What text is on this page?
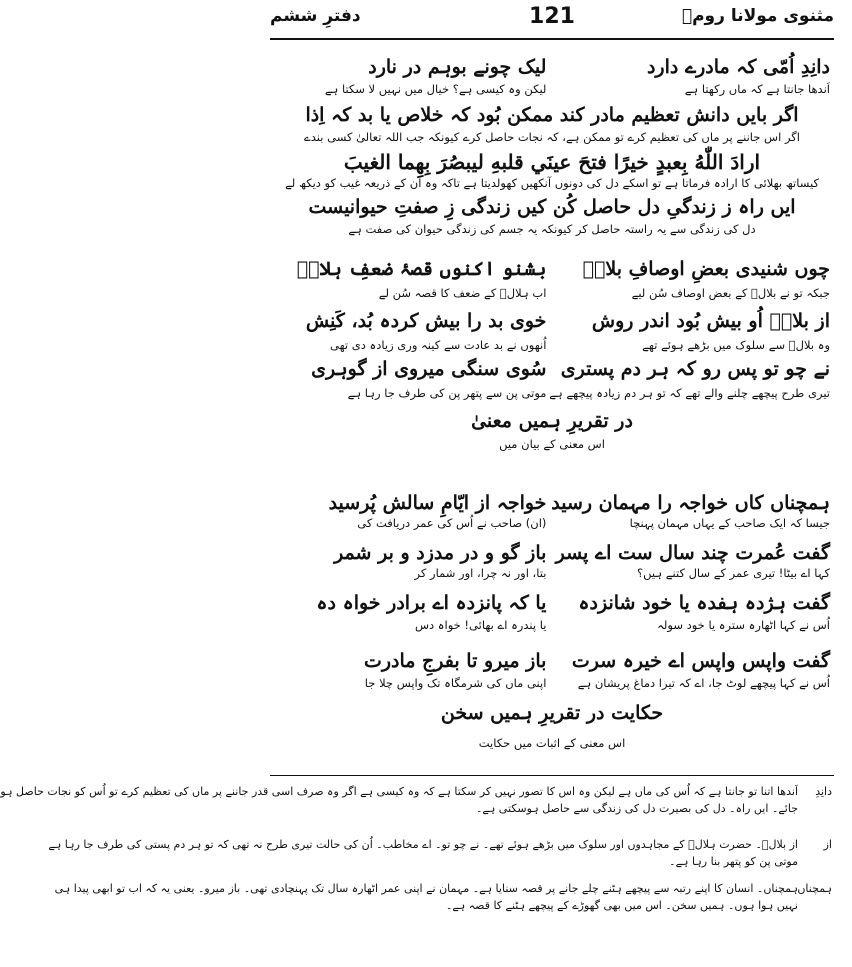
مثنوی مولانا رومؒ
121
دفترِ ششم
دانِدِ اُمّی کہ مادرے دارد
لیک چونے بوہم در نارد
اَندھا جانتا ہے کہ ماں رکھتا ہے
لیکن وہ کیسی ہے؟ خیال میں نہیں لا سکتا ہے
اگر بایں دانش تعظیم مادر کند ممکن بُود کہ خلاص یا بد کہ اِذا
اگر اس جاننے پر ماں کی تعظیم کرے تو ممکن ہے، کہ نجات حاصل کرے کیونکہ جب اللہ تعالیٰ کسی بندے
ارادَ اللّٰهُ بِعبدٍ خيرًا فتحَ عينَي قلبهِ ليبصُرَ بِهِما الغيبَ
کیساتھ بھلائی کا ارادہ فرماتا ہے تو اسکے دل کی دونوں آنکھیں کھولدیتا ہے تاکہ وہ ان کے ذریعہ غیب کو دیکھ لے
ایں راہ ز زندگیِ دل حاصل کُن کیں زندگی زِ صفتِ حیوانیست
دل کی زندگی سے یہ راستہ حاصل کر کیونکہ یہ جسم کی زندگی حیوان کی صفت ہے
چوں شنیدی بعضِ اوصافِ بلالؓ
بشنو اکنوں قصۂ ضعفِ ہلالؓ
جبکہ تو نے بلالؓ کے بعض اوصاف سُن لیے
اب ہلالؓ کے ضعف کا قصہ سُن لے
از بلالؓ اُو بیش بُود اندر روش
خوی بد را بیش کردہ بُد، کَنِش
وہ بلالؓ سے سلوک میں بڑھے ہوئے تھے
اُنھوں نے بد عادت سے کینہ وری زیادہ دی تھی
نے چو تو پس رو کہ ہر دم پستری
سُوی سنگی میروی از گوہری
تیری طرح پیچھے چلنے والے تھے کہ تو ہر دم زیادہ پیچھے ہے
موتی پن سے پتھر پن کی طرف جا رہا ہے
در تقریرِ ہمیں معنیٰ
اس معنی کے بیان میں
ہمچناں کاں خواجہ را مہمان رسید
خواجہ از ایّامِ سالش پُرسید
جیسا کہ ایک صاحب کے یہاں مہمان پہنچا
(ان) صاحب نے اُس کی عمر دریافت کی
گفت عُمرت چند سال ست اے پسر
باز گو و در مدزد و بر شمر
کہا اے بیٹا! تیری عمر کے سال کتنے ہیں؟
بتا، اور نہ چرا، اور شمار کر
گفت ہژدہ ہفدہ یا خود شانزدہ
یا کہ پانزدہ اے برادر خواہ دہ
اُس نے کہا اٹھارہ سترہ یا خود سولہ
یا پندرہ اے بھائی! خواہ دس
گفت واپس واپس اے خیرہ سرت
باز میرو تا بفرجِ مادرت
اُس نے کہا پیچھے لوٹ جا، اے کہ تیرا دماغ پریشان ہے
اپنی ماں کی شرمگاہ تک واپس چلا جا
حکایت در تقریرِ ہمیں سخن
اس معنی کے اثبات میں حکایت
دانِدِ
اَندھا اتنا تو جانتا ہے کہ اُس کی ماں ہے لیکن وہ اس کا تصور نہیں کر سکتا ہے کہ وہ کیسی ہے اگر وہ صرف اسی قدر جاننے پر ماں کی تعظیم کرے تو اُس کو نجات حاصل ہو
جائے۔ ایں راہ۔ دل کی بصیرت دل کی زندگی سے حاصل ہوسکتی ہے۔
از
از بلالؓ۔ حضرت ہلالؓ کے مجاہدوں اور سلوک میں بڑھے ہوئے تھے۔ نے چو تو۔ اے مخاطب۔ اُن کی حالت تیری طرح نہ تھی کہ تو ہر دم پستی کی طرف جا رہا ہے
موتی پن کو پتھر بنا رہا ہے۔
ہمچناں
ہمچناں۔ انسان کا اپنے رتبہ سے پیچھے ہٹنے چلے جانے پر قصہ سنایا ہے۔ مہمان نے اپنی عمر اٹھارہ سال تک پہنچادی تھی۔ باز میرو۔ یعنی یہ کہ اب تو ابھی پیدا ہی
نہیں ہوا ہوں۔ ہمیں سخن۔ اس میں بھی گھوڑے کے پیچھے ہٹنے کا قصہ ہے۔
